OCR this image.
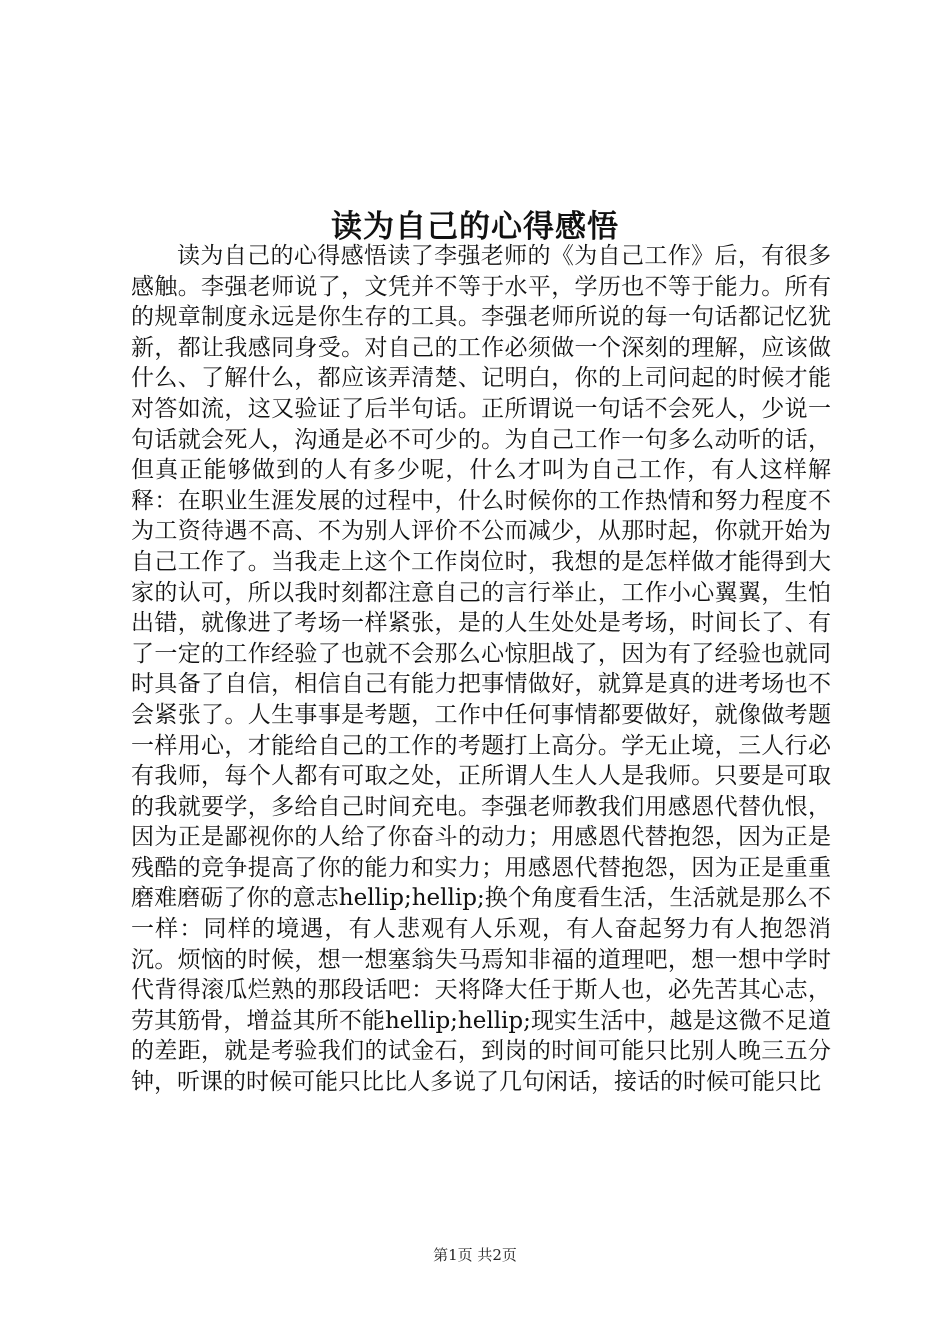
读为自己的心得感悟

读为自己的心得感悟读了李强老师的《为自己工作》后，有很多感触。李强老师说了，文凭并不等于水平，学历也不等于能力。所有的规章制度永远是你生存的工具。李强老师所说的每一句话都记忆犹新，都让我感同身受。对自己的工作必须做一个深刻的理解，应该做什么、了解什么，都应该弄清楚、记明白，你的上司问起的时候才能对答如流，这又验证了后半句话。正所谓说一句话不会死人，少说一句话就会死人，沟通是必不可少的。为自己工作一句多么动听的话，但真正能够做到的人有多少呢，什么才叫为自己工作，有人这样解释：在职业生涯发展的过程中，什么时候你的工作热情和努力程度不为工资待遇不高、不为别人评价不公而减少，从那时起，你就开始为自己工作了。当我走上这个工作岗位时，我想的是怎样做才能得到大家的认可，所以我时刻都注意自己的言行举止，工作小心翼翼，生怕出错，就像进了考场一样紧张，是的人生处处是考场，时间长了、有了一定的工作经验了也就不会那么心惊胆战了，因为有了经验也就同时具备了自信，相信自己有能力把事情做好，就算是真的进考场也不会紧张了。人生事事是考题，工作中任何事情都要做好，就像做考题一样用心，才能给自己的工作的考题打上高分。学无止境，三人行必有我师，每个人都有可取之处，正所谓人生人人是我师。只要是可取的我就要学，多给自己时间充电。李强老师教我们用感恩代替仇恨，因为正是鄙视你的人给了你奋斗的动力；用感恩代替抱怨，因为正是残酷的竞争提高了你的能力和实力；用感恩代替抱怨，因为正是重重磨难磨砺了你的意志hellip;hellip;换个角度看生活，生活就是那么不一样：同样的境遇，有人悲观有人乐观，有人奋起努力有人抱怨消沉。烦恼的时候，想一想塞翁失马焉知非福的道理吧，想一想中学时代背得滚瓜烂熟的那段话吧：天将降大任于斯人也，必先苦其心志，劳其筋骨，增益其所不能hellip;hellip;现实生活中，越是这微不足道的差距，就是考验我们的试金石，到岗的时间可能只比别人晚三五分钟，听课的时候可能只比比人多说了几句闲话，接话的时候可能只比

第1页 共2页
